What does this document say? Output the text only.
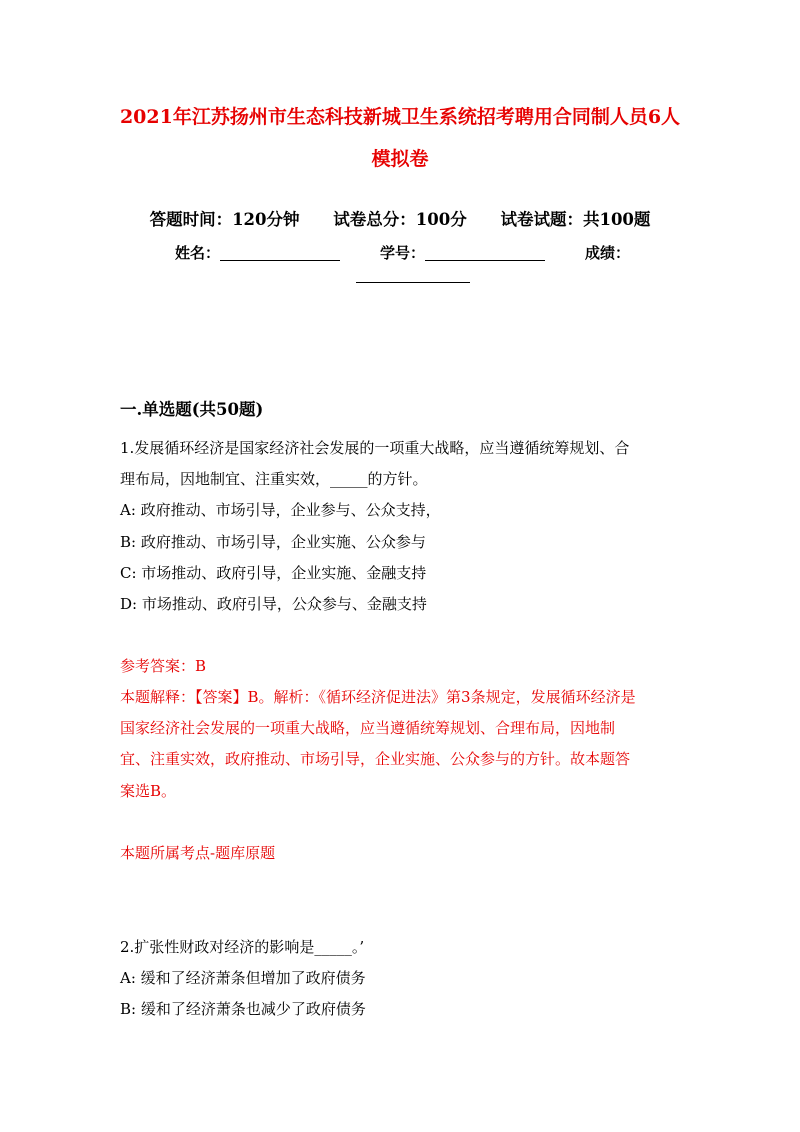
2021年江苏扬州市生态科技新城卫生系统招考聘用合同制人员6人
模拟卷
答题时间：120分钟 试卷总分：100分 试卷试题：共100题
姓名：	学号：	成绩：
一.单选题(共50题)
1.发展循环经济是国家经济社会发展的一项重大战略，应当遵循统筹规划、合
理布局，因地制宜、注重实效，_____的方针。
A: 政府推动、市场引导，企业参与、公众支持，
B: 政府推动、市场引导，企业实施、公众参与
C: 市场推动、政府引导，企业实施、金融支持
D: 市场推动、政府引导，公众参与、金融支持
参考答案：B
本题解释：【答案】B。解析：《循环经济促进法》第3条规定，发展循环经济是
国家经济社会发展的一项重大战略，应当遵循统筹规划、合理布局，因地制
宜、注重实效，政府推动、市场引导，企业实施、公众参与的方针。故本题答
案选B。
本题所属考点-题库原题
2.扩张性财政对经济的影响是_____。’
A: 缓和了经济萧条但增加了政府债务
B: 缓和了经济萧条也减少了政府债务
